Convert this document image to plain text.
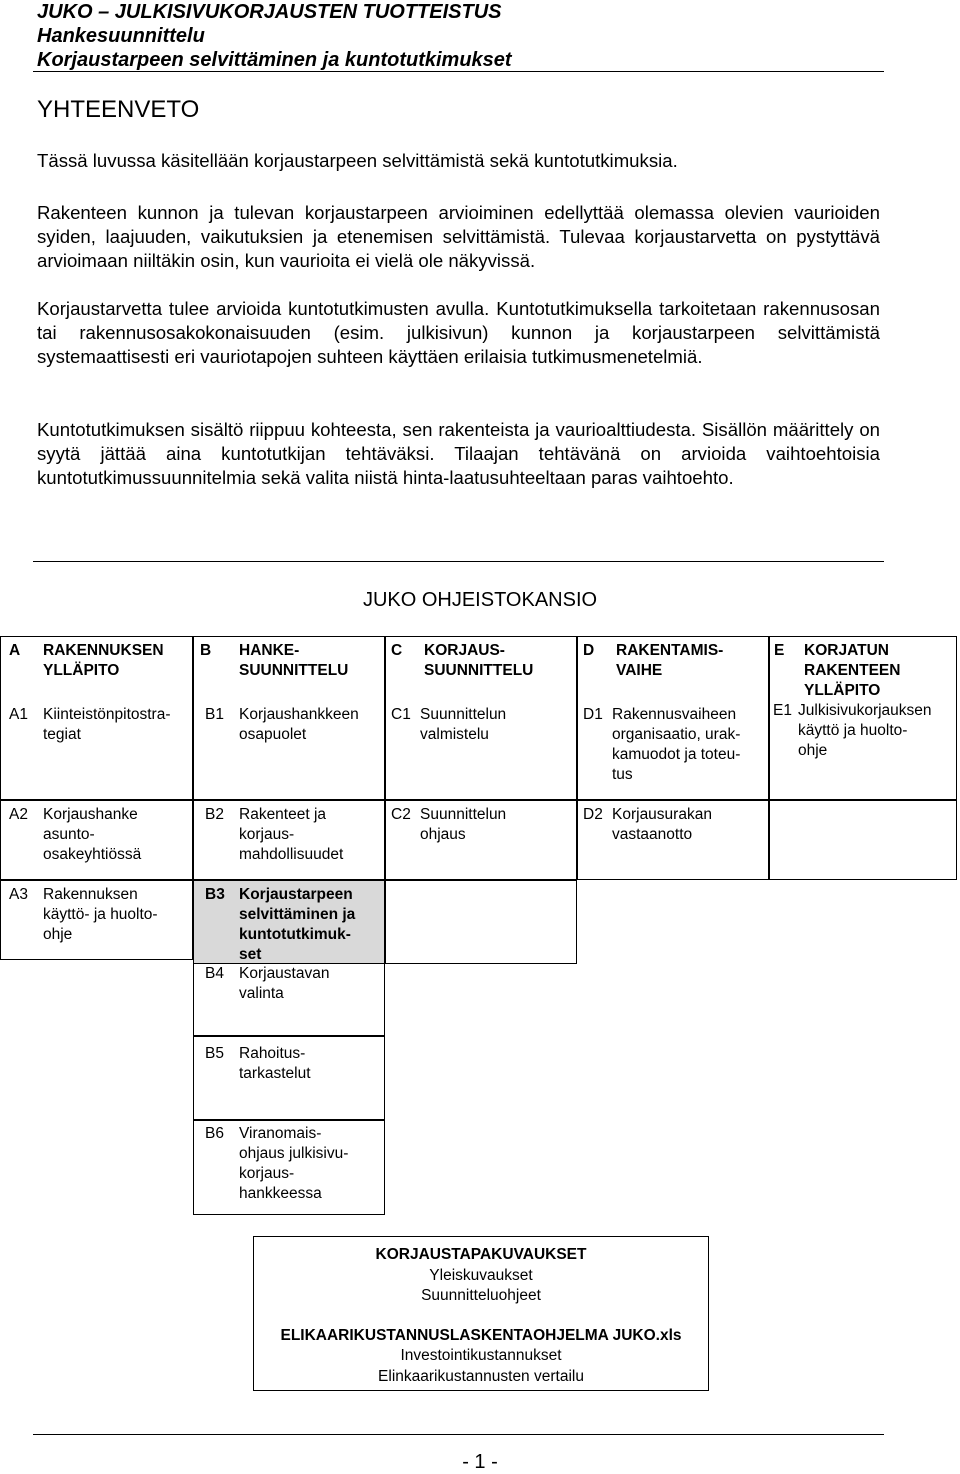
JUKO – JULKISIVUKORJAUSTEN TUOTTEISTUS
Hankesuunnittelu
Korjaustarpeen selvittäminen ja kuntotutkimukset
YHTEENVETO
Tässä luvussa käsitellään korjaustarpeen selvittämistä sekä kuntotutkimuksia.
Rakenteen kunnon ja tulevan korjaustarpeen arvioiminen edellyttää olemassa olevien vaurioiden syiden, laajuuden, vaikutuksien ja etenemisen selvittämistä. Tulevaa korjaustarvetta on pystyttävä arvioimaan niiltäkin osin, kun vaurioita ei vielä ole näkyvissä.
Korjaustarvetta tulee arvioida kuntotutkimusten avulla. Kuntotutkimuksella tarkoitetaan rakennusosan tai rakennusosakokonaisuuden (esim. julkisivun) kunnon ja korjaustarpeen selvittämistä systemaattisesti eri vauriotapojen suhteen käyttäen erilaisia tutkimusmenetelmiä.
Kuntotutkimuksen sisältö riippuu kohteesta, sen rakenteista ja vaurioalttiudesta. Sisällön määrittely on syytä jättää aina kuntotutkijan tehtäväksi. Tilaajan tehtävänä on arvioida vaihtoehtoisia kuntotutkimussuunnitelmia sekä valita niistä hinta-laatusuhteeltaan paras vaihtoehto.
JUKO OHJEISTOKANSIO
A RAKENNUKSEN YLLÄPITO
A1 Kiinteistönpitostra-
tegiat
A2 Korjaushanke
asunto-
osakeyhtiössä
A3 Rakennuksen
käyttö- ja huolto-
ohje
B HANKE-
SUUNNITTELU
B1 Korjaushankkeen
osapuolet
B2 Rakenteet ja
korjaus-
mahdollisuudet
B3 Korjaustarpeen
selvittäminen ja
kuntotutkimuk-
set
B4 Korjaustavan
valinta
B5 Rahoitus-
tarkastelut
B6 Viranomais-
ohjaus julkisivu-
korjaus-
hankkeessa
C KORJAUS-
SUUNNITTELU
C1 Suunnittelun
valmistelu
C2 Suunnittelun
ohjaus
D RAKENTAMIS-
VAIHE
D1 Rakennusvaiheen
organisaatio, urak-
kamuodot ja toteu-
tus
D2 Korjausurakan
vastaanotto
E KORJATUN
RAKENTEEN
YLLÄPITO
E1 Julkisivukorjauksen
käyttö ja huolto-
ohje
KORJAUSTAPAKUVAUKSET
Yleiskuvaukset
Suunnitteluohjeet
ELIKAARIKUSTANNUSLASKENTAOHJELMA JUKO.xls
Investointikustannukset
Elinkaarikustannusten vertailu
- 1 -
